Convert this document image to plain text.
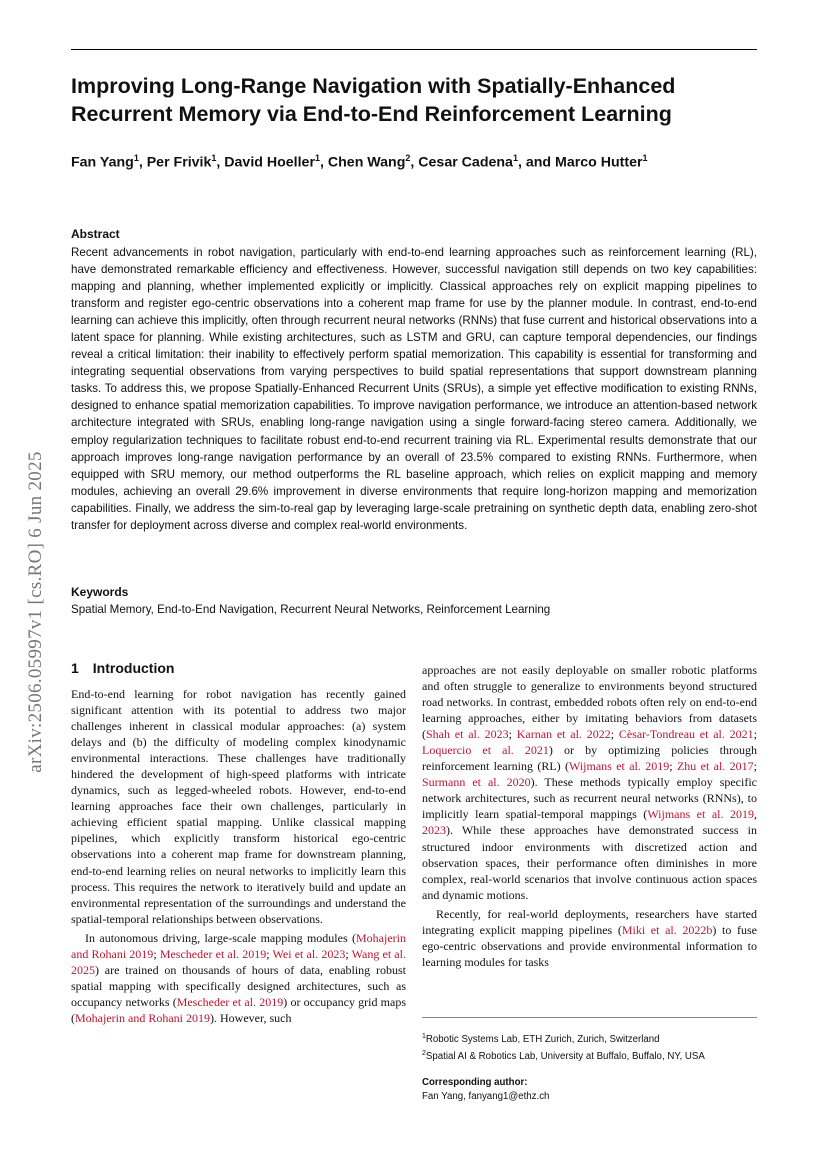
arXiv:2506.05997v1 [cs.RO] 6 Jun 2025
Improving Long-Range Navigation with Spatially-Enhanced
Recurrent Memory via End-to-End Reinforcement Learning
Fan Yang$^1$, Per Frivik$^1$, David Hoeller$^1$, Chen Wang$^2$, Cesar Cadena$^1$, and Marco Hutter$^1$
Abstract

Recent advancements in robot navigation, particularly with end-to-end learning approaches such as reinforcement learning (RL), have demonstrated remarkable efficiency and effectiveness. However, successful navigation still depends on two key capabilities: mapping and planning, whether implemented explicitly or implicitly. Classical approaches rely on explicit mapping pipelines to transform and register ego-centric observations into a coherent map frame for use by the planner module. In contrast, end-to-end learning can achieve this implicitly, often through recurrent neural networks (RNNs) that fuse current and historical observations into a latent space for planning. While existing architectures, such as LSTM and GRU, can capture temporal dependencies, our findings reveal a critical limitation: their inability to effectively perform spatial memorization. This capability is essential for transforming and integrating sequential observations from varying perspectives to build spatial representations that support downstream planning tasks. To address this, we propose Spatially-Enhanced Recurrent Units (SRUs), a simple yet effective modification to existing RNNs, designed to enhance spatial memorization capabilities. To improve navigation performance, we introduce an attention-based network architecture integrated with SRUs, enabling long-range navigation using a single forward-facing stereo camera. Additionally, we employ regularization techniques to facilitate robust end-to-end recurrent training via RL. Experimental results demonstrate that our approach improves long-range navigation performance by an overall of 23.5% compared to existing RNNs. Furthermore, when equipped with SRU memory, our method outperforms the RL baseline approach, which relies on explicit mapping and memory modules, achieving an overall 29.6% improvement in diverse environments that require long-horizon mapping and memorization capabilities. Finally, we address the sim-to-real gap by leveraging large-scale pretraining on synthetic depth data, enabling zero-shot transfer for deployment across diverse and complex real-world environments.

Keywords

Spatial Memory, End-to-End Navigation, Recurrent Neural Networks, Reinforcement Learning

1 Introduction

End-to-end learning for robot navigation has recently gained significant attention with its potential to address two major challenges inherent in classical modular approaches: (a) system delays and (b) the difficulty of modeling complex kinodynamic environmental interactions. These challenges have traditionally hindered the development of high-speed platforms with intricate dynamics, such as legged-wheeled robots. However, end-to-end learning approaches face their own challenges, particularly in achieving efficient spatial mapping. Unlike classical mapping pipelines, which explicitly transform historical ego-centric observations into a coherent map frame for downstream planning, end-to-end learning relies on neural networks to implicitly learn this process. This requires the network to iteratively build and update an environmental representation of the surroundings and understand the spatial-temporal relationships between observations.

In autonomous driving, large-scale mapping modules (Mohajerin and Rohani 2019; Mescheder et al. 2019; Wei et al. 2023; Wang et al. 2025) are trained on thousands of hours of data, enabling robust spatial mapping with specifically designed architectures, such as occupancy networks (Mescheder et al. 2019) or occupancy grid maps (Mohajerin and Rohani 2019). However, such

approaches are not easily deployable on smaller robotic platforms and often struggle to generalize to environments beyond structured road networks. In contrast, embedded robots often rely on end-to-end learning approaches, either by imitating behaviors from datasets (Shah et al. 2023; Karnan et al. 2022; Cèsar-Tondreau et al. 2021; Loquercio et al. 2021) or by optimizing policies through reinforcement learning (RL) (Wijmans et al. 2019; Zhu et al. 2017; Surmann et al. 2020). These methods typically employ specific network architectures, such as recurrent neural networks (RNNs), to implicitly learn spatial-temporal mappings (Wijmans et al. 2019, 2023). While these approaches have demonstrated success in structured indoor environments with discretized action and observation spaces, their performance often diminishes in more complex, real-world scenarios that involve continuous action spaces and dynamic motions.

Recently, for real-world deployments, researchers have started integrating explicit mapping pipelines (Miki et al. 2022b) to fuse ego-centric observations and provide environmental information to learning modules for tasks

$^1$Robotic Systems Lab, ETH Zurich, Zurich, Switzerland
$^2$Spatial AI & Robotics Lab, University at Buffalo, Buffalo, NY, USA
Corresponding author:
Fan Yang, fanyang1@ethz.ch
